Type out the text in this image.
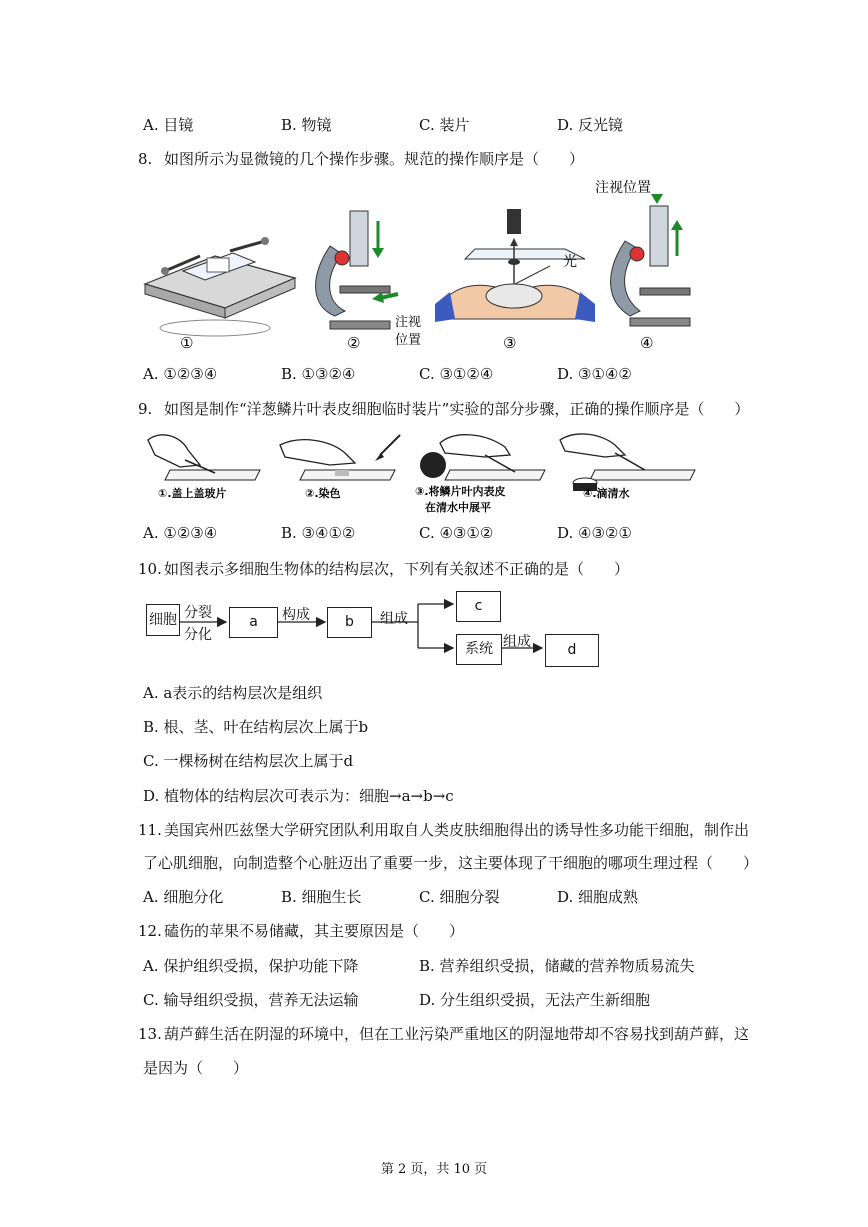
A. 目镜	B. 物镜	C. 装片	D. 反光镜
8. 如图所示为显微镜的几个操作步骤。规范的操作顺序是（　　）
注视
位置
光
注视位置
①	②	③	④
A. ①②③④	B. ①③②④	C. ③①②④	D. ③①④②
9. 如图是制作“洋葱鳞片叶表皮细胞临时装片”实验的部分步骤，正确的操作顺序是（　　）
①.盖上盖玻片	②.染色	③.将鳞片叶内表皮
在清水中展平
④.滴清水
A. ①②③④	B. ③④①②	C. ④③①②	D. ④③②①
10. 如图表示多细胞生物体的结构层次，下列有关叙述不正确的是（　　）
细胞 分裂
分化
a	构成	b	组成
c
系统 组成	d
A. a表示的结构层次是组织
B. 根、茎、叶在结构层次上属于b
C. 一棵杨树在结构层次上属于d
D. 植物体的结构层次可表示为：细胞→a→b→c
11. 美国宾州匹兹堡大学研究团队利用取自人类皮肤细胞得出的诱导性多功能干细胞，制作出
了心肌细胞，向制造整个心脏迈出了重要一步，这主要体现了干细胞的哪项生理过程（　　）
A. 细胞分化	B. 细胞生长	C. 细胞分裂	D. 细胞成熟
12. 磕伤的苹果不易储藏，其主要原因是（　　）
A. 保护组织受损，保护功能下降	B. 营养组织受损，储藏的营养物质易流失
C. 输导组织受损，营养无法运输	D. 分生组织受损，无法产生新细胞
13. 葫芦藓生活在阴湿的环境中，但在工业污染严重地区的阴湿地带却不容易找到葫芦藓，这
是因为（　　）
第 2 页，共 10 页
